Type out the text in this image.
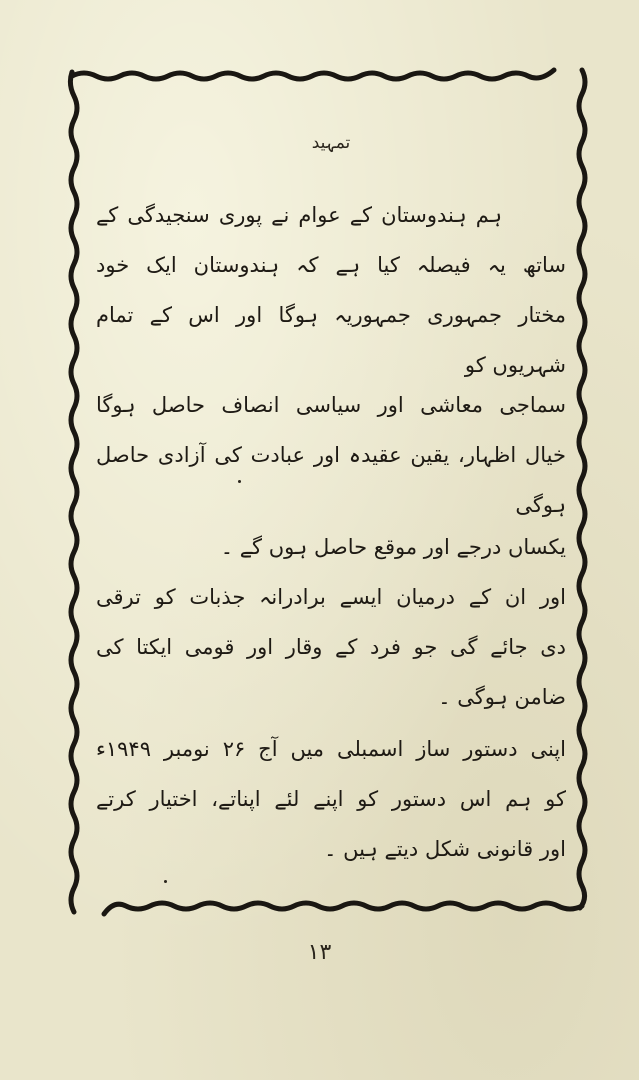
تمہید
ہم ہندوستان کے عوام نے پوری سنجیدگی کے
ساتھ یہ فیصلہ کیا ہے کہ ہندوستان ایک خود
مختار جمہوری جمہوریہ ہوگا اور اس کے تمام
شہریوں کو
سماجی معاشی اور سیاسی انصاف حاصل ہوگا
خیال اظہار، یقین عقیدہ اور عبادت کی آزادی حاصل
ہوگی
یکساں درجے اور موقع حاصل ہوں گے ۔
اور ان کے درمیان ایسے برادرانہ جذبات کو ترقی
دی جائے گی جو فرد کے وقار اور قومی ایکتا کی
ضامن ہوگی ۔
اپنی دستور ساز اسمبلی میں آج ۲۶ نومبر ۱۹۴۹ء
کو ہم اس دستور کو اپنے لئے اپناتے، اختیار کرتے
اور قانونی شکل دیتے ہیں ۔
۱۳
